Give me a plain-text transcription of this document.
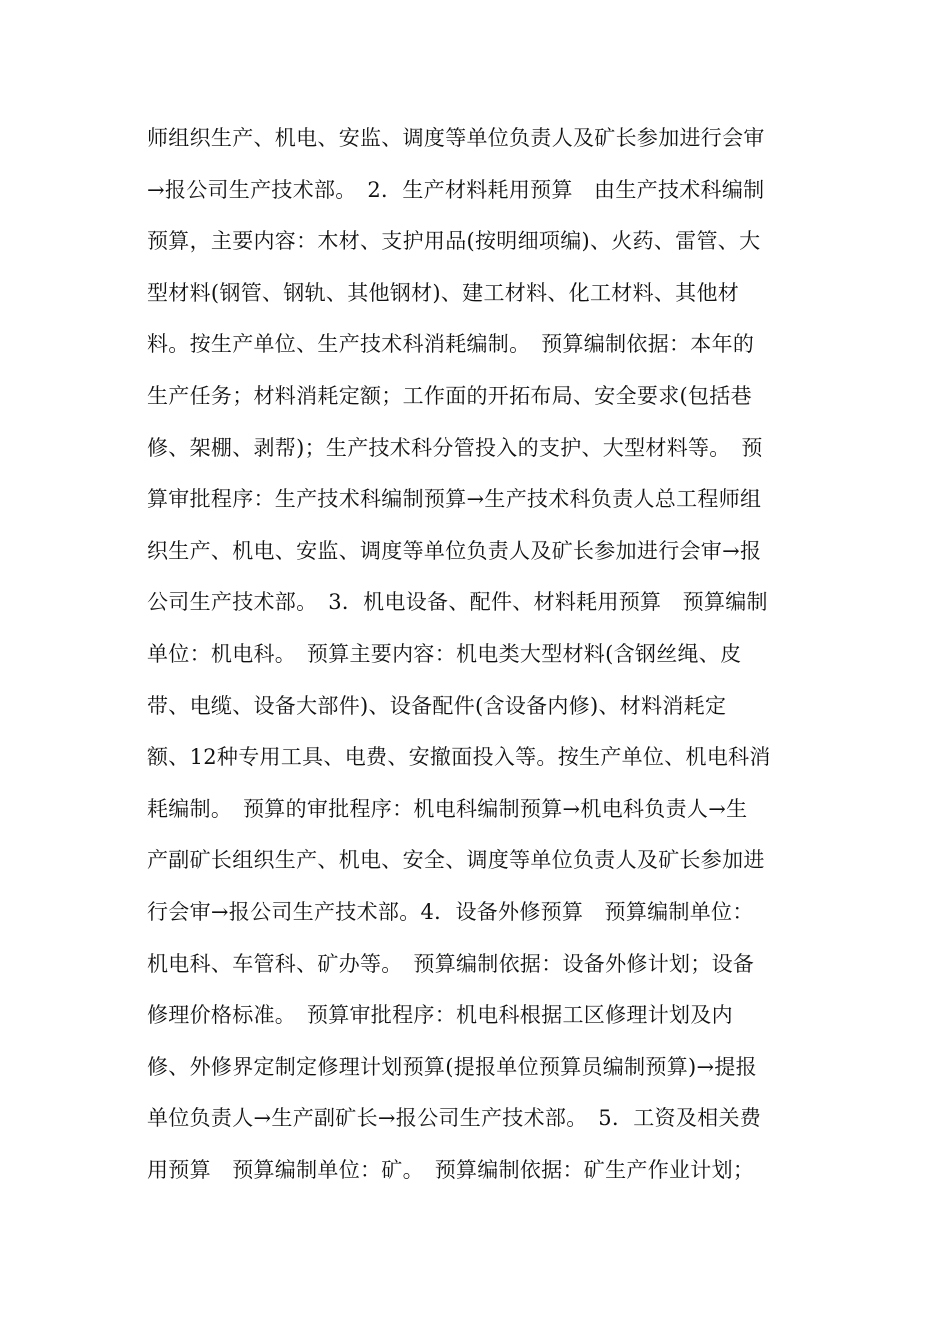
师组织生产、机电、安监、调度等单位负责人及矿长参加进行会审
→报公司生产技术部。　2．生产材料耗用预算　由生产技术科编制
预算，主要内容：木材、支护用品(按明细项编)、火药、雷管、大
型材料(钢管、钢轨、其他钢材)、建工材料、化工材料、其他材
料。按生产单位、生产技术科消耗编制。　预算编制依据：本年的
生产任务；材料消耗定额；工作面的开拓布局、安全要求(包括巷
修、架棚、剥帮)；生产技术科分管投入的支护、大型材料等。　预
算审批程序：生产技术科编制预算→生产技术科负责人总工程师组
织生产、机电、安监、调度等单位负责人及矿长参加进行会审→报
公司生产技术部。　3．机电设备、配件、材料耗用预算　预算编制
单位：机电科。　预算主要内容：机电类大型材料(含钢丝绳、皮
带、电缆、设备大部件)、设备配件(含设备内修)、材料消耗定
额、12种专用工具、电费、安撤面投入等。按生产单位、机电科消
耗编制。　预算的审批程序：机电科编制预算→机电科负责人→生
产副矿长组织生产、机电、安全、调度等单位负责人及矿长参加进
行会审→报公司生产技术部。4．设备外修预算　预算编制单位：
机电科、车管科、矿办等。　预算编制依据：设备外修计划；设备
修理价格标准。　预算审批程序：机电科根据工区修理计划及内
修、外修界定制定修理计划预算(提报单位预算员编制预算)→提报
单位负责人→生产副矿长→报公司生产技术部。　5．工资及相关费
用预算　预算编制单位：矿。　预算编制依据：矿生产作业计划；
